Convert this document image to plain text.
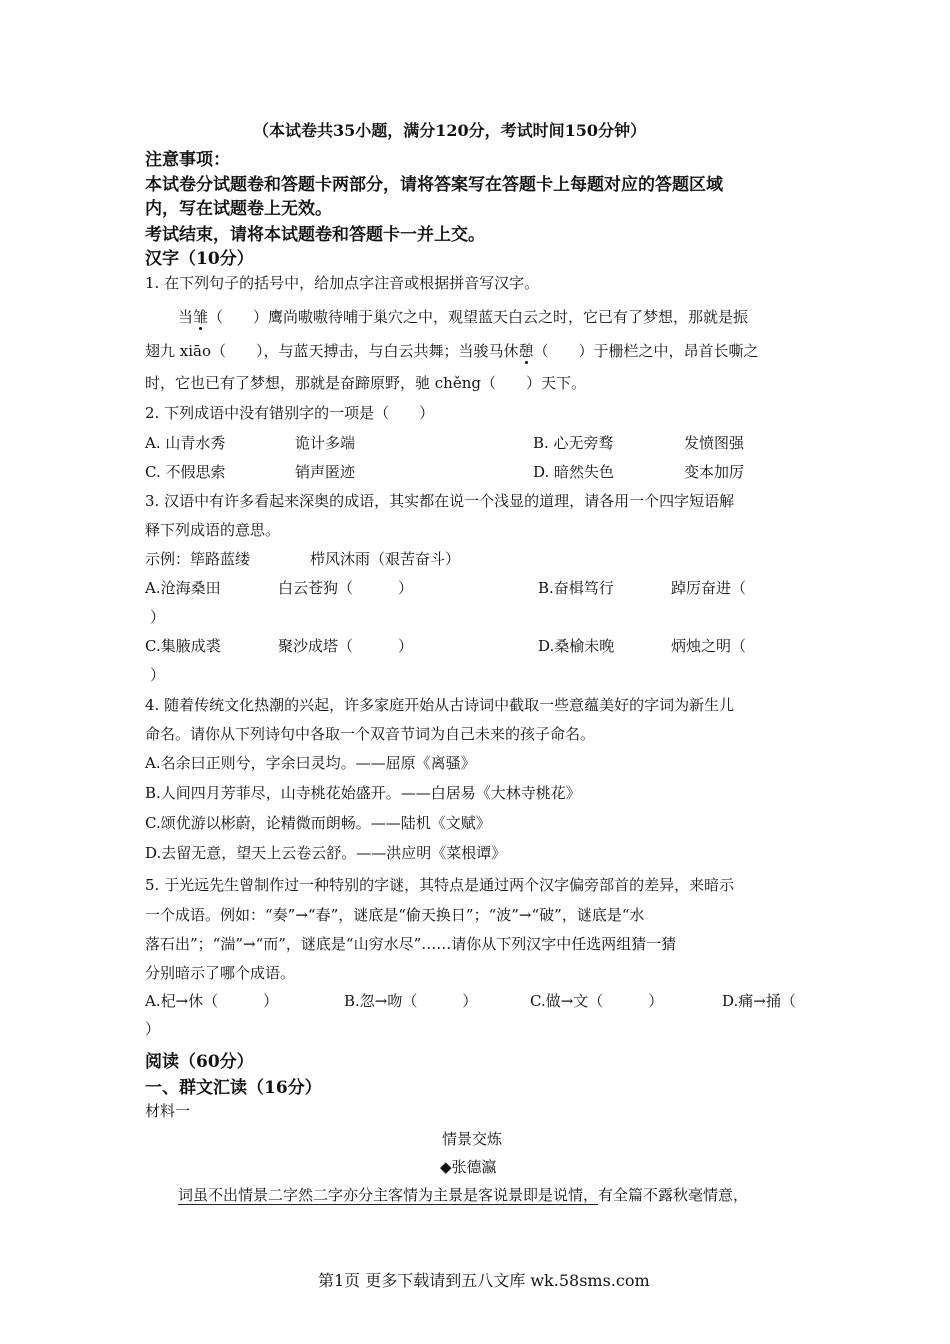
（本试卷共35小题，满分120分，考试时间150分钟）
注意事项：
本试卷分试题卷和答题卡两部分，请将答案写在答题卡上每题对应的答题区域
内，写在试题卷上无效。
考试结束，请将本试题卷和答题卡一并上交。
汉字（10分）
1. 在下列句子的括号中，给加点字注音或根据拼音写汉字。
当雏（　　）鹰尚嗷嗷待哺于巢穴之中，观望蓝天白云之时，它已有了梦想，那就是振
翅九 xiāo（　　），与蓝天搏击，与白云共舞；当骏马休憩（　　）于栅栏之中，昂首长嘶之
时，它也已有了梦想，那就是奋蹄原野，驰 chěng（　　）天下。
2. 下列成语中没有错别字的一项是（　　）
A. 山青水秀	诡计多端	B. 心无旁骛	发愤图强
C. 不假思索	销声匿迹	D. 暗然失色	变本加厉
3. 汉语中有许多看起来深奥的成语，其实都在说一个浅显的道理，请各用一个四字短语解
释下列成语的意思。
示例：筚路蓝缕　　　　栉风沐雨（艰苦奋斗）
A.沧海桑田	白云苍狗（　　　）	B.奋楫笃行	踔厉奋进（
）
C.集腋成裘	聚沙成塔（　　　）	D.桑榆未晚	炳烛之明（
）
4. 随着传统文化热潮的兴起，许多家庭开始从古诗词中截取一些意蕴美好的字词为新生儿
命名。请你从下列诗句中各取一个双音节词为自己未来的孩子命名。
A.名余曰正则兮，字余曰灵均。——屈原《离骚》
B.人间四月芳菲尽，山寺桃花始盛开。——白居易《大林寺桃花》
C.颂优游以彬蔚，论精微而朗畅。——陆机《文赋》
D.去留无意，望天上云卷云舒。——洪应明《菜根谭》
5. 于光远先生曾制作过一种特别的字谜，其特点是通过两个汉字偏旁部首的差异，来暗示
一个成语。例如：“奏”→“春”，谜底是“偷天换日”；“波”→“破”，谜底是“水
落石出”；“湍”→“而”，谜底是“山穷水尽”……请你从下列汉字中任选两组猜一猜
分别暗示了哪个成语。
A.杞→休（　　　）	B.忽→吻（　　　）	C.做→文（　　　）	D.痛→捅（
）
阅读（60分）
一、群文汇读（16分）
材料一
情景交炼
◆张德瀛
词虽不出情景二字然二字亦分主客情为主景是客说景即是说情，有全篇不露秋毫情意，
第1页 更多下载请到五八文库 wk.58sms.com
